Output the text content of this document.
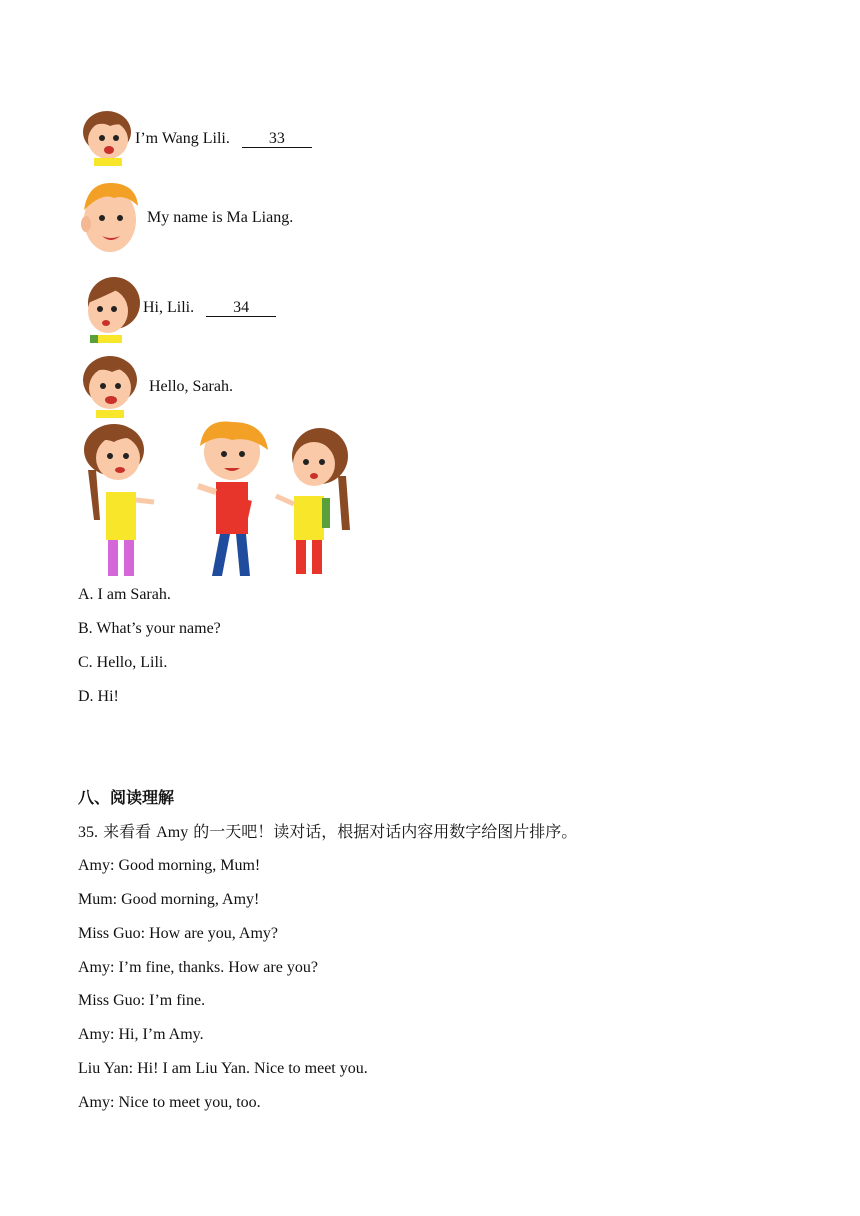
I’m Wang Lili. 33
My name is Ma Liang.
Hi, Lili. 34
Hello, Sarah.
A. I am Sarah.
B. What’s your name?
C. Hello, Lili.
D. Hi!
八、阅读理解
35. 来看看 Amy 的一天吧！读对话，根据对话内容用数字给图片排序。
Amy: Good morning, Mum!
Mum: Good morning, Amy!
Miss Guo: How are you, Amy?
Amy: I’m fine, thanks. How are you?
Miss Guo: I’m fine.
Amy: Hi, I’m Amy.
Liu Yan: Hi! I am Liu Yan. Nice to meet you.
Amy: Nice to meet you, too.
